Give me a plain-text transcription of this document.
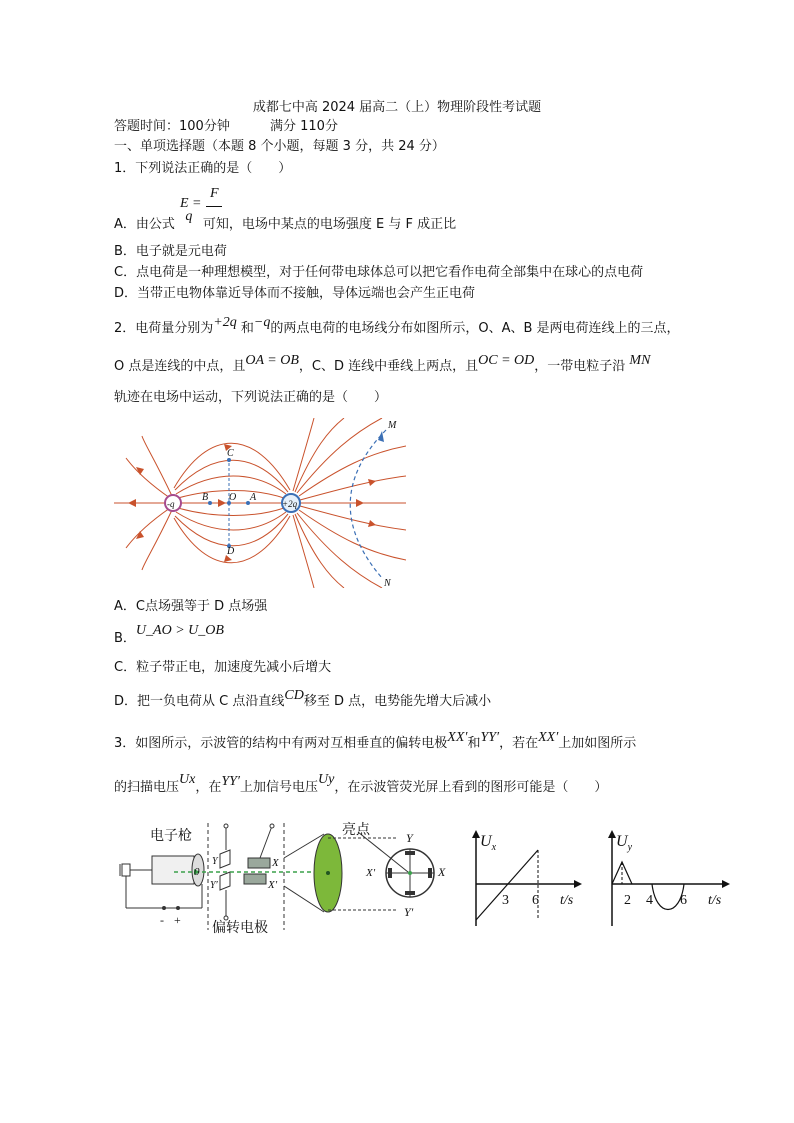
成都七中高 2024 届高二（上）物理阶段性考试题
答题时间：100分钟	满分 110分
一、单项选择题（本题 8 个小题，每题 3 分，共 24 分）
1．下列说法正确的是（　　）
E =
F
A．由公式q可知，电场中某点的电场强度 E 与 F 成正比
B．电子就是元电荷
C．点电荷是一种理想模型，对于任何带电球体总可以把它看作电荷全部集中在球心的点电荷
D．当带正电物体靠近导体而不接触，导体远端也会产生正电荷
2．电荷量分别为+2q 和−q的两点电荷的电场线分布如图所示，O、A、B 是两电荷连线上的三点，
O 点是连线的中点，且OA = OB，C、D 连线中垂线上两点，且OC = OD，一带电粒子沿 MN
轨迹在电场中运动，下列说法正确的是（　　）
-q	+2q
C
D
B O A
M
N
A．C点场强等于 D 点场强
B．U_AO > U_OB
C．粒子带正电，加速度先减小后增大
D．把一负电荷从 C 点沿直线CD移至 D 点，电势能先增大后减小
3．如图所示，示波管的结构中有两对互相垂直的偏转电极XX′和YY′，若在XX′上加如图所示
的扫描电压Ux，在YY′上加信号电压Uy，在示波管荧光屏上看到的图形可能是（　　）
电子枪
偏转电极
亮点	Y
Y′
X
X′
X
X′
Y
Y′
0
- +
$U_x$
3 6 t/s
$U_y$
2 4 6 t/s
